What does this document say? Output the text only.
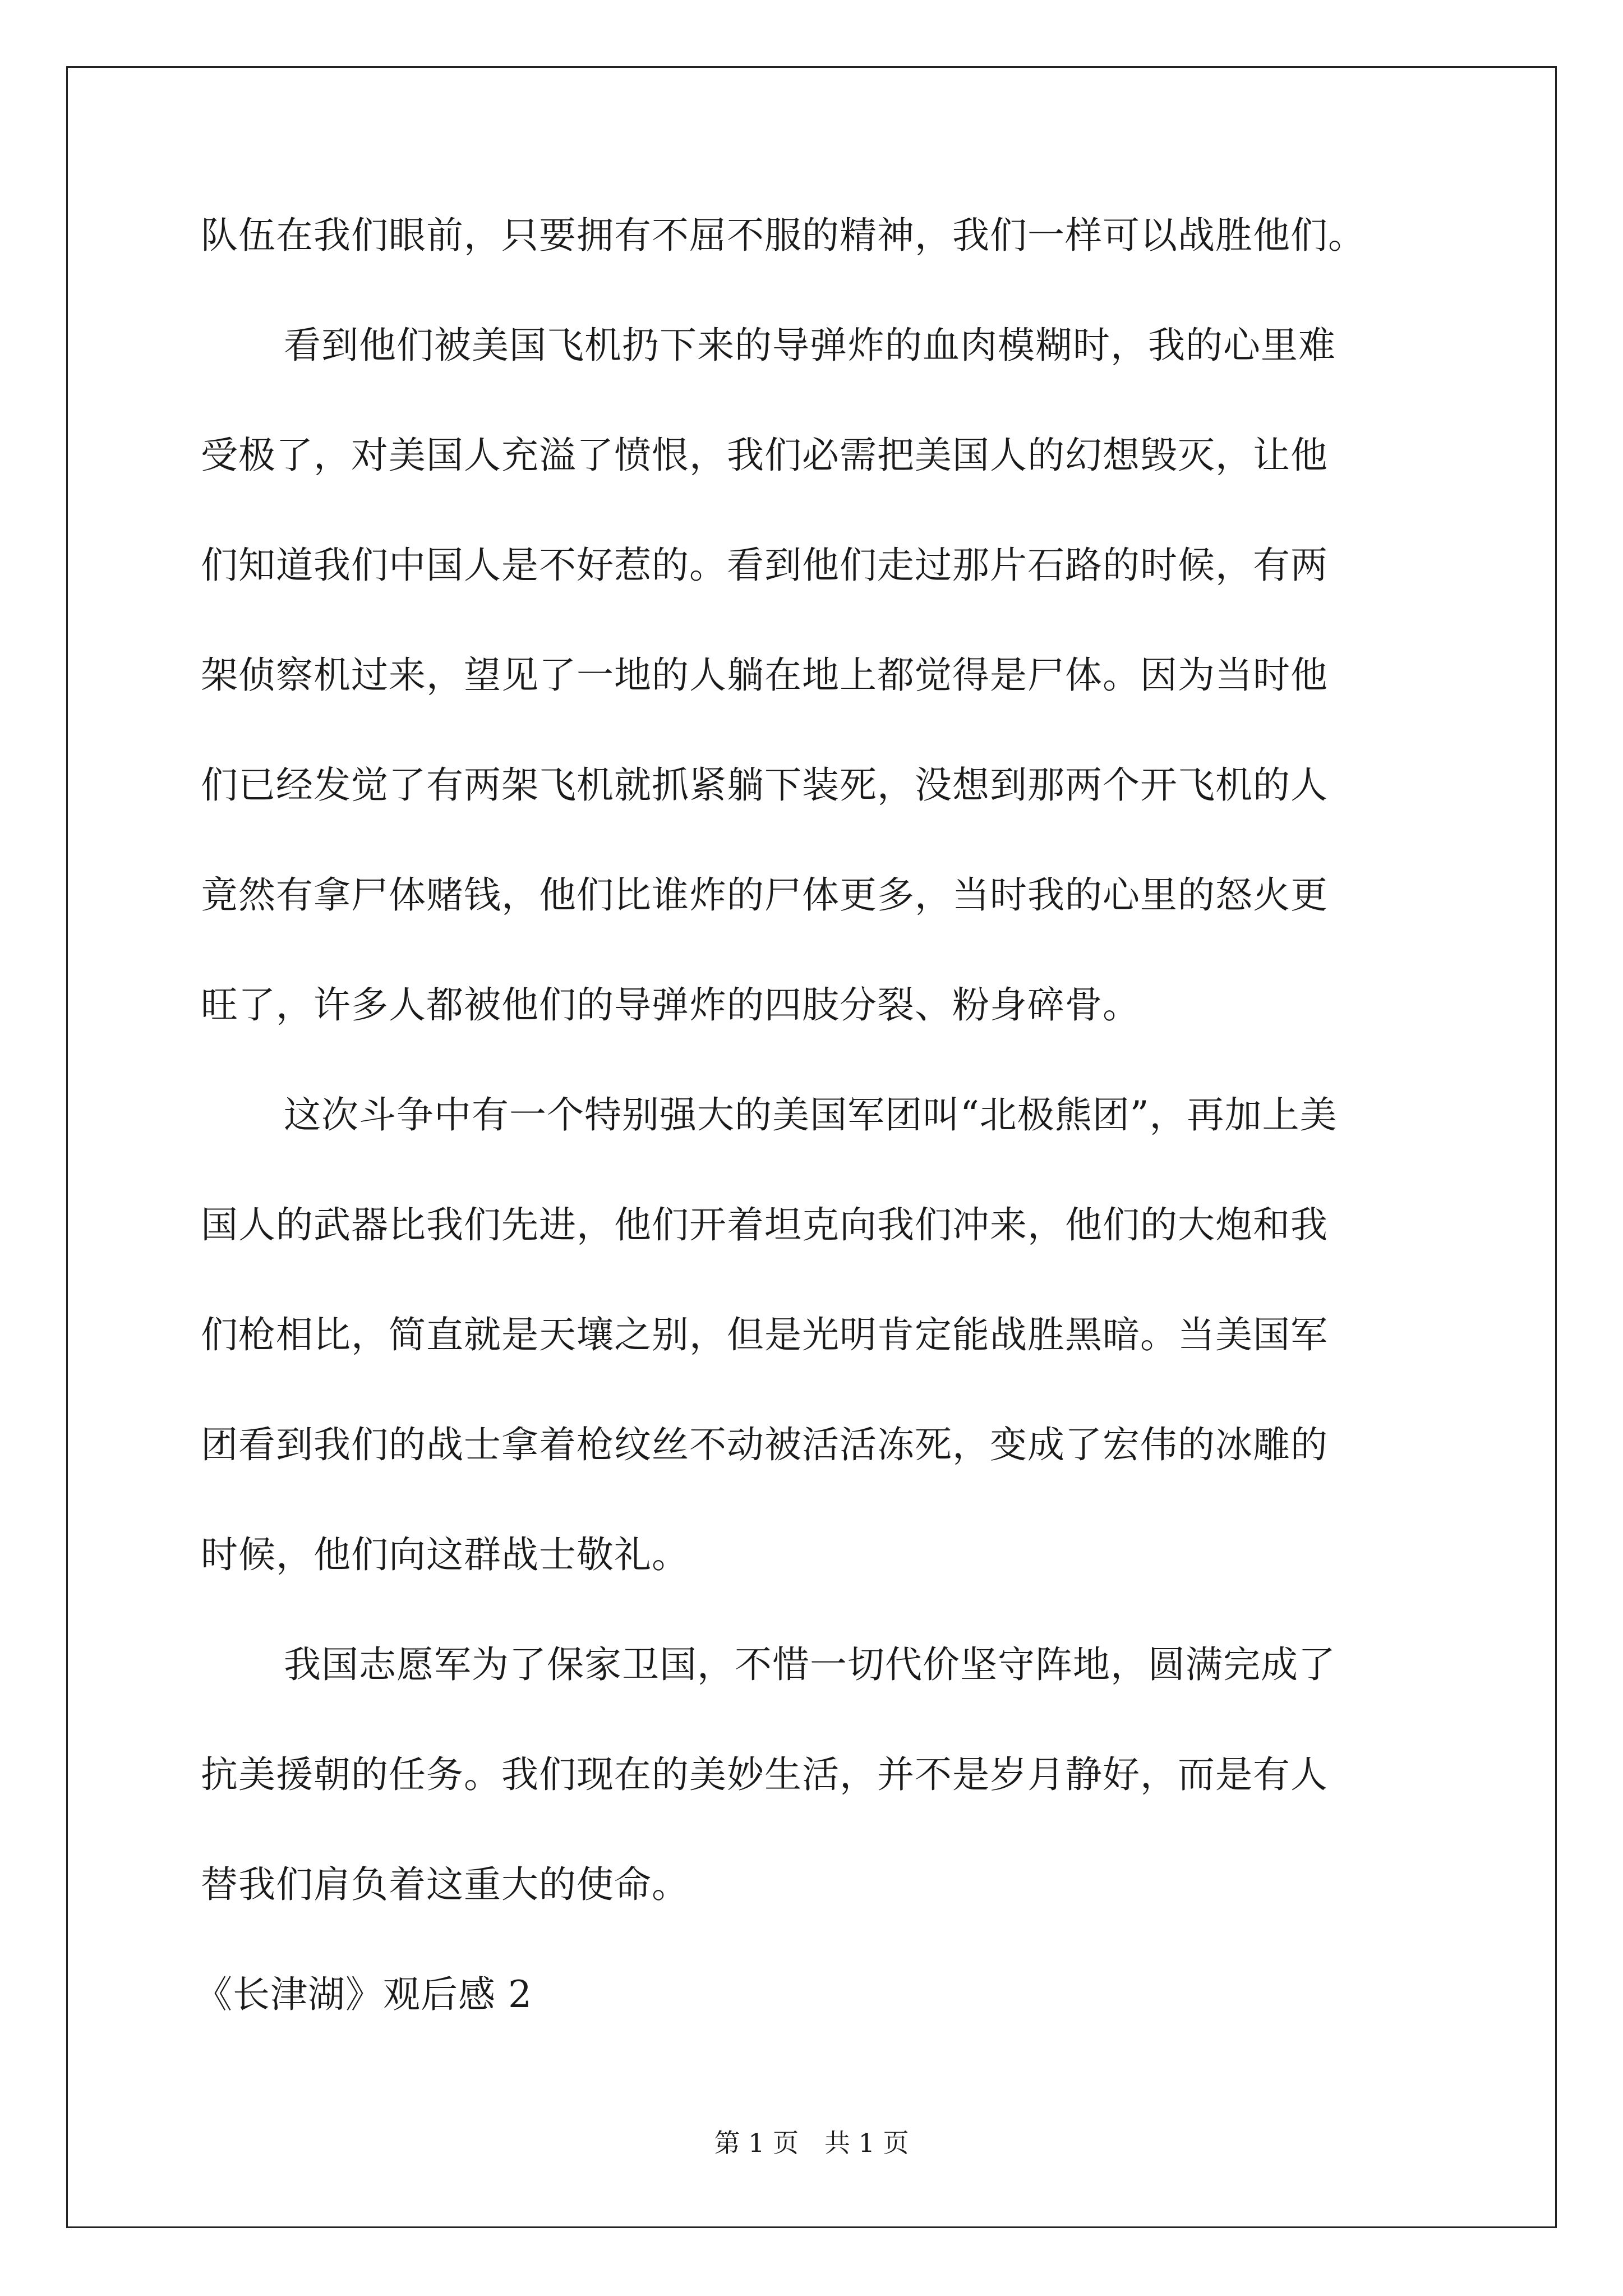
队伍在我们眼前，只要拥有不屈不服的精神，我们一样可以战胜他们。
看到他们被美国飞机扔下来的导弹炸的血肉模糊时，我的心里难
受极了，对美国人充溢了愤恨，我们必需把美国人的幻想毁灭，让他
们知道我们中国人是不好惹的。看到他们走过那片石路的时候，有两
架侦察机过来，望见了一地的人躺在地上都觉得是尸体。因为当时他
们已经发觉了有两架飞机就抓紧躺下装死，没想到那两个开飞机的人
竟然有拿尸体赌钱，他们比谁炸的尸体更多，当时我的心里的怒火更
旺了，许多人都被他们的导弹炸的四肢分裂、粉身碎骨。
这次斗争中有一个特别强大的美国军团叫“北极熊团”，再加上美
国人的武器比我们先进，他们开着坦克向我们冲来，他们的大炮和我
们枪相比，简直就是天壤之别，但是光明肯定能战胜黑暗。当美国军
团看到我们的战士拿着枪纹丝不动被活活冻死，变成了宏伟的冰雕的
时候，他们向这群战士敬礼。
我国志愿军为了保家卫国，不惜一切代价坚守阵地，圆满完成了
抗美援朝的任务。我们现在的美妙生活，并不是岁月静好，而是有人
替我们肩负着这重大的使命。
《长津湖》观后感 2
第 1 页　共 1 页
